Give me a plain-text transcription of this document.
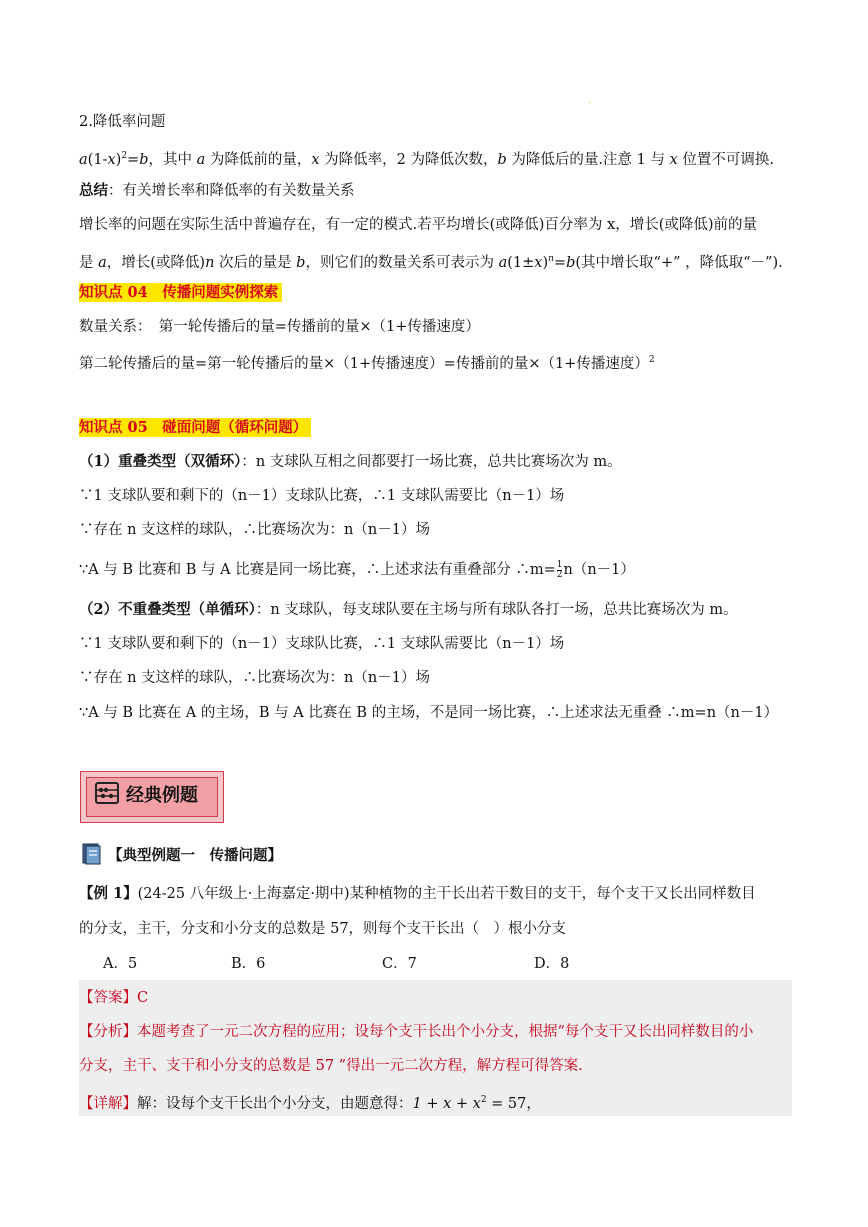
·
2.降低率问题
$a(1-x)^2=b$，其中 a 为降低前的量，x 为降低率，2 为降低次数，b 为降低后的量.注意 1 与 x 位置不可调换.
总结：有关增长率和降低率的有关数量关系
增长率的问题在实际生活中普遍存在，有一定的模式.若平均增长(或降低)百分率为 x，增长(或降低)前的量
是 a，增长(或降低)n 次后的量是 b，则它们的数量关系可表示为 $a(1\pm x)^n=b$(其中增长取“+” ，降低取“－”).
知识点 04　传播问题实例探索
数量关系：　第一轮传播后的量=传播前的量×（1+传播速度）
第二轮传播后的量=第一轮传播后的量×（1+传播速度）=传播前的量×（1+传播速度）$^2$
知识点 05　碰面问题（循环问题）
（1）重叠类型（双循环）：n 支球队互相之间都要打一场比赛，总共比赛场次为 m。
∵1 支球队要和剩下的（n－1）支球队比赛，∴1 支球队需要比（n－1）场
∵存在 n 支这样的球队，∴比赛场次为：n（n－1）场
∵A 与 B 比赛和 B 与 A 比赛是同一场比赛，∴上述求法有重叠部分 ∴m= $\frac{1}{2} n(n-1)$
（2）不重叠类型（单循环）：n 支球队，每支球队要在主场与所有球队各打一场，总共比赛场次为 m。
∵1 支球队要和剩下的（n－1）支球队比赛，∴1 支球队需要比（n－1）场
∵存在 n 支这样的球队，∴比赛场次为：n（n－1）场
∵A 与 B 比赛在 A 的主场，B 与 A 比赛在 B 的主场，不是同一场比赛，∴上述求法无重叠 ∴m=n（n－1）
经典例题
【典型例题一　传播问题】
【例 1】(24-25 八年级上·上海嘉定·期中)某种植物的主干长出若干数目的支干，每个支干又长出同样数目
的分支，主干，分支和小分支的总数是 57，则每个支干长出（　）根小分支
A．5	B．6	C．7	D．8
【答案】C
【分析】本题考查了一元二次方程的应用；设每个支干长出个小分支，根据“每个支干又长出同样数目的小
分支，主干、支干和小分支的总数是 57 ”得出一元二次方程，解方程可得答案.
【详解】解：设每个支干长出个小分支，由题意得：$1 + x + x^2 = 57$，
